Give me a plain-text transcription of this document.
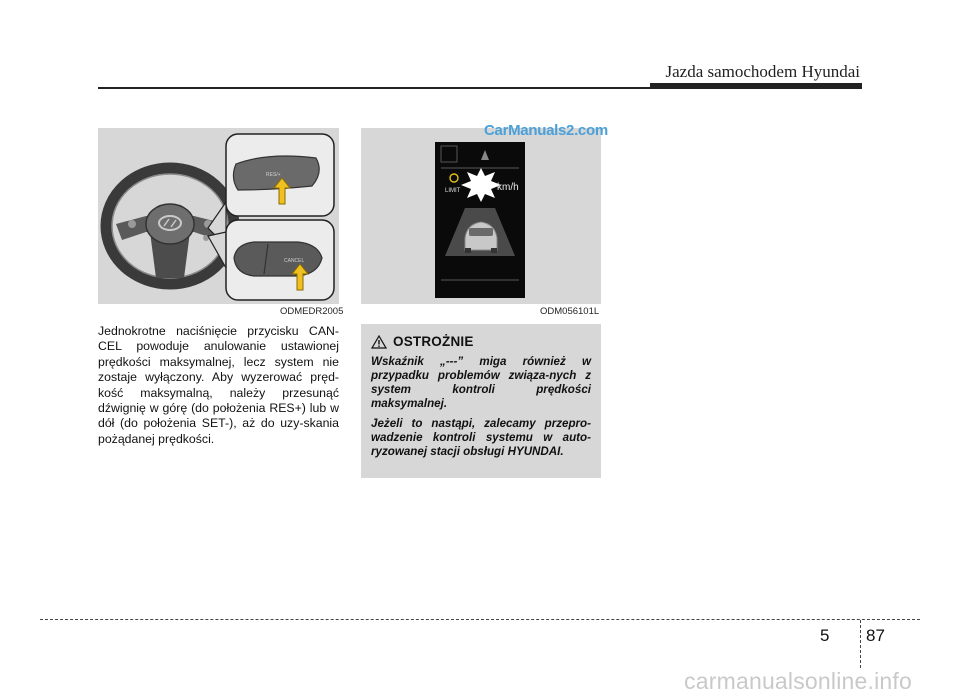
Jazda samochodem Hyundai
RES/+
CANCEL
ODMEDR2005
LIMIT	km/h
ODM056101L
CarManuals2.com

Jednokrotne naciśnięcie przycisku CAN-CEL powoduje anulowanie ustawionej prędkości maksymalnej, lecz system nie zostaje wyłączony. Aby wyzerować pręd-kość maksymalną, należy przesunąć dźwignię w górę (do położenia RES+) lub w dół (do położenia SET-), aż do uzy-skania pożądanej prędkości.

OSTROŻNIE

Wskaźnik „---” miga również w przypadku problemów związa-nych z system kontroli prędkości maksymalnej.

Jeżeli to nastąpi, zalecamy przepro-wadzenie kontroli systemu w auto-ryzowanej stacji obsługi HYUNDAI.

5 87
carmanualsonline.info
